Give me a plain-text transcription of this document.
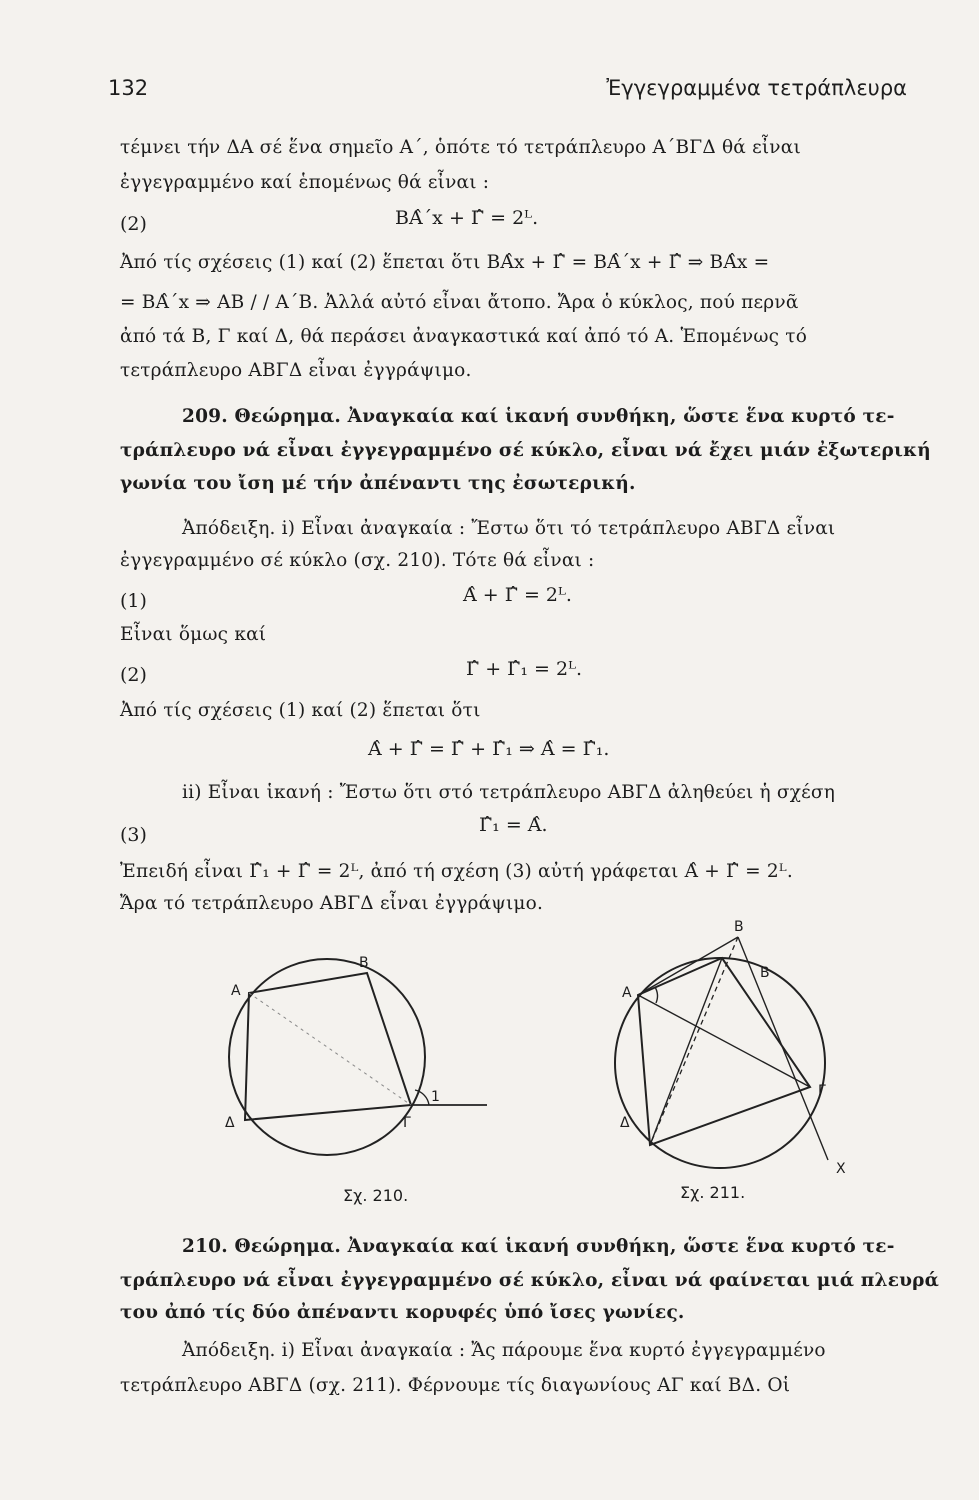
132	Ἐγγεγραμμένα τετράπλευρα
τέμνει τήν ΔΑ σέ ἕνα σημεῖο Α΄, ὁπότε τό τετράπλευρο Α΄ΒΓΔ θά εἶναι
ἐγγεγραμμένο καί ἑπομένως θά εἶναι :
(2)	ΒΑ̂΄x + Γ̂ = 2ᴸ.
Ἀπό τίς σχέσεις (1) καί (2) ἕπεται ὅτι ΒΑ̂x + Γ̂ = ΒΑ̂΄x + Γ̂ ⇒ ΒΑ̂x =
= ΒΑ̂΄x ⇒ ΑΒ / / Α΄Β. Ἀλλά αὐτό εἶναι ἄτοπο. Ἄρα ὁ κύκλος, πού περνᾶ
ἀπό τά Β, Γ καί Δ, θά περάσει ἀναγκαστικά καί ἀπό τό Α. Ἑπομένως τό
τετράπλευρο ΑΒΓΔ εἶναι ἐγγράψιμο.
209. Θεώρημα. Ἀναγκαία καί ἱκανή συνθήκη, ὥστε ἕνα κυρτό τε-
τράπλευρο νά εἶναι ἐγγεγραμμένο σέ κύκλο, εἶναι νά ἔχει μιάν ἐξωτερική
γωνία του ἴση μέ τήν ἀπέναντι της ἐσωτερική.
Ἀπόδειξη. i) Εἶναι ἀναγκαία : Ἔστω ὅτι τό τετράπλευρο ΑΒΓΔ εἶναι
ἐγγεγραμμένο σέ κύκλο (σχ. 210). Τότε θά εἶναι :
(1)	Α̂ + Γ̂ = 2ᴸ.
Εἶναι ὅμως καί
(2)	Γ̂ + Γ̂₁ = 2ᴸ.
Ἀπό τίς σχέσεις (1) καί (2) ἕπεται ὅτι
Α̂ + Γ̂ = Γ̂ + Γ̂₁ ⇒ Α̂ = Γ̂₁.
ii) Εἶναι ἱκανή : Ἔστω ὅτι στό τετράπλευρο ΑΒΓΔ ἀληθεύει ἡ σχέση
(3)	Γ̂₁ = Α̂.
Ἐπειδή εἶναι Γ̂₁ + Γ̂ = 2ᴸ, ἀπό τή σχέση (3) αὐτή γράφεται Α̂ + Γ̂ = 2ᴸ.
Ἄρα τό τετράπλευρο ΑΒΓΔ εἶναι ἐγγράψιμο.
Α
Β
Γ
Δ
1
Σχ. 210.
Α
Β
Β
Γ
Δ
Χ
Σχ. 211.
210. Θεώρημα. Ἀναγκαία καί ἱκανή συνθήκη, ὥστε ἕνα κυρτό τε-
τράπλευρο νά εἶναι ἐγγεγραμμένο σέ κύκλο, εἶναι νά φαίνεται μιά πλευρά
του ἀπό τίς δύο ἀπέναντι κορυφές ὑπό ἴσες γωνίες.
Ἀπόδειξη. i) Εἶναι ἀναγκαία : Ἄς πάρουμε ἕνα κυρτό ἐγγεγραμμένο
τετράπλευρο ΑΒΓΔ (σχ. 211). Φέρνουμε τίς διαγωνίους ΑΓ καί ΒΔ. Οἱ
